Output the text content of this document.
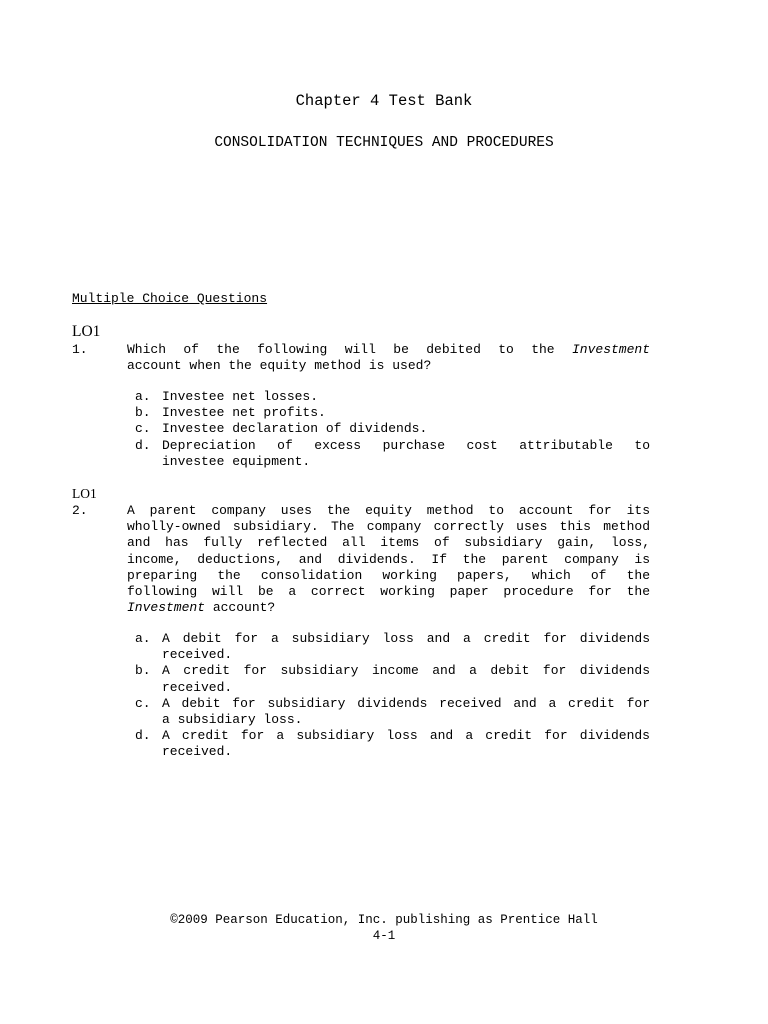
Chapter 4 Test Bank
CONSOLIDATION TECHNIQUES AND PROCEDURES
Multiple Choice Questions
LO1
1.	Which of the following will be debited to the Investment
account when the equity method is used?
a. Investee net losses.
b. Investee net profits.
c. Investee declaration of dividends.
d. Depreciation of excess purchase cost attributable to
investee equipment.
LO1
2.	A parent company uses the equity method to account for its
wholly-owned subsidiary. The company correctly uses this method
and has fully reflected all items of subsidiary gain, loss,
income, deductions, and dividends. If the parent company is
preparing the consolidation working papers, which of the
following will be a correct working paper procedure for the
Investment account?
a. A debit for a subsidiary loss and a credit for dividends
received.
b. A credit for subsidiary income and a debit for dividends
received.
c. A debit for subsidiary dividends received and a credit for
a subsidiary loss.
d. A credit for a subsidiary loss and a credit for dividends
received.
©2009 Pearson Education, Inc. publishing as Prentice Hall
4-1
